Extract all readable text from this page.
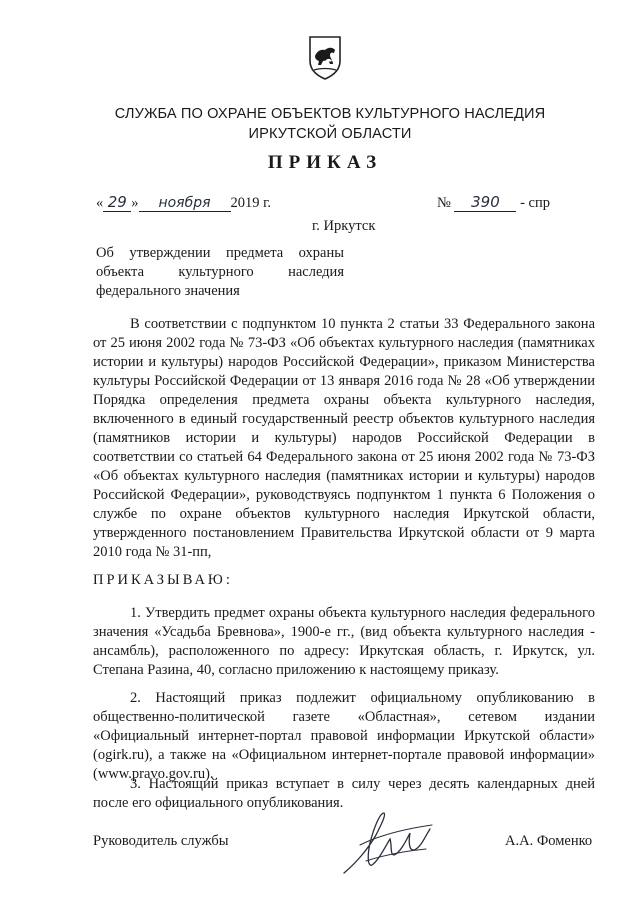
СЛУЖБА ПО ОХРАНЕ ОБЪЕКТОВ КУЛЬТУРНОГО НАСЛЕДИЯ ИРКУТСКОЙ ОБЛАСТИ
ПРИКАЗ
« 29 » ноября 2019 г.	№ 390 - спр
г. Иркутск
Об утверждении предмета охраны
объекта культурного наследия
федерального значения

В соответствии с подпунктом 10 пункта 2 статьи 33 Федерального закона от 25 июня 2002 года № 73-ФЗ «Об объектах культурного наследия (памятниках истории и культуры) народов Российской Федерации», приказом Министерства культуры Российской Федерации от 13 января 2016 года № 28 «Об утверждении Порядка определения предмета охраны объекта культурного наследия, включенного в единый государственный реестр объектов культурного наследия (памятников истории и культуры) народов Российской Федерации в соответствии со статьей 64 Федерального закона от 25 июня 2002 года № 73-ФЗ «Об объектах культурного наследия (памятниках истории и культуры) народов Российской Федерации», руководствуясь подпунктом 1 пункта 6 Положения о службе по охране объектов культурного наследия Иркутской области, утвержденного постановлением Правительства Иркутской области от 9 марта 2010 года № 31-пп,

ПРИКАЗЫВАЮ:

1. Утвердить предмет охраны объекта культурного наследия федерального значения «Усадьба Бревнова», 1900-е гг., (вид объекта культурного наследия - ансамбль), расположенного по адресу: Иркутская область, г. Иркутск, ул. Степана Разина, 40, согласно приложению к настоящему приказу.

2. Настоящий приказ подлежит официальному опубликованию в общественно-политической газете «Областная», сетевом издании «Официальный интернет-портал правовой информации Иркутской области» (ogirk.ru), а также на «Официальном интернет-портале правовой информации» (www.pravo.gov.ru).

3. Настоящий приказ вступает в силу через десять календарных дней после его официального опубликования.

Руководитель службы	А.А. Фоменко
